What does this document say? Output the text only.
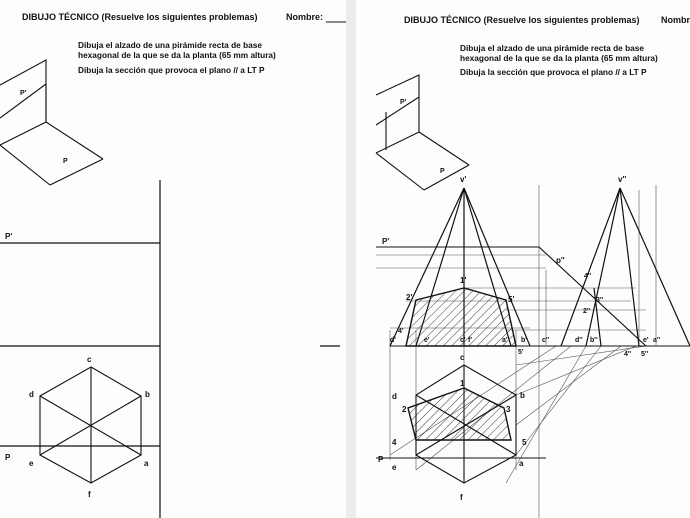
DIBUJO TÉCNICO (Resuelve los siguientes problemas)	Nombre:
Dibuja el alzado de una pirámide recta de base
hexagonal de la que se da la planta (65 mm altura)
Dibuja la sección que provoca el plano // a LT P
P'
P
P'
P
c
b
a
f
e
d
DIBUJO TÉCNICO (Resuelve los siguientes problemas) Nombr
Dibuja el alzado de una pirámide recta de base
hexagonal de la que se da la planta (65 mm altura)
Dibuja la sección que provoca el plano // a LT P
P'
P
P'
p''
P
v'
1'
2'	5'
d'
4'
e'	c' f'	a' b'
5'
v''
4''
3''
2''
c''	d'' b''	e' a''
4'' 5''
c
b
a
f
e
d
1
2	3
4	5
